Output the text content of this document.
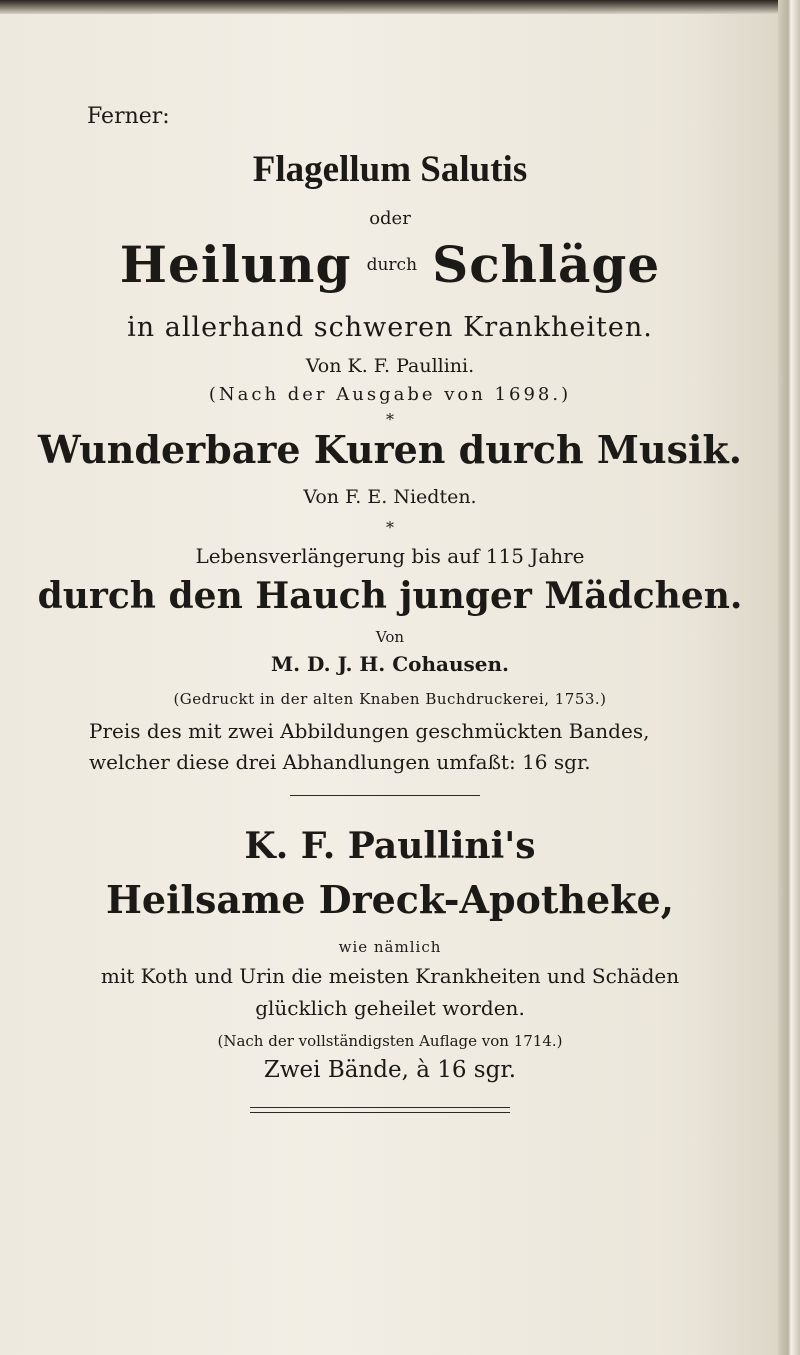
Ferner:
Flagellum Salutis
oder
Heilung durch Schläge
in allerhand schweren Krankheiten.
Von K. F. Paullini.
(Nach der Ausgabe von 1698.)
*
Wunderbare Kuren durch Musik.
Von F. E. Niedten.
*
Lebensverlängerung bis auf 115 Jahre
durch den Hauch junger Mädchen.
Von
M. D. J. H. Cohausen.
(Gedruckt in der alten Knaben Buchdruckerei, 1753.)
Preis des mit zwei Abbildungen geschmückten Bandes,
welcher diese drei Abhandlungen umfaßt: 16 sgr.
K. F. Paullini's
Heilsame Dreck-Apotheke,
wie nämlich
mit Koth und Urin die meisten Krankheiten und Schäden
glücklich geheilet worden.
(Nach der vollständigsten Auflage von 1714.)
Zwei Bände, à 16 sgr.
